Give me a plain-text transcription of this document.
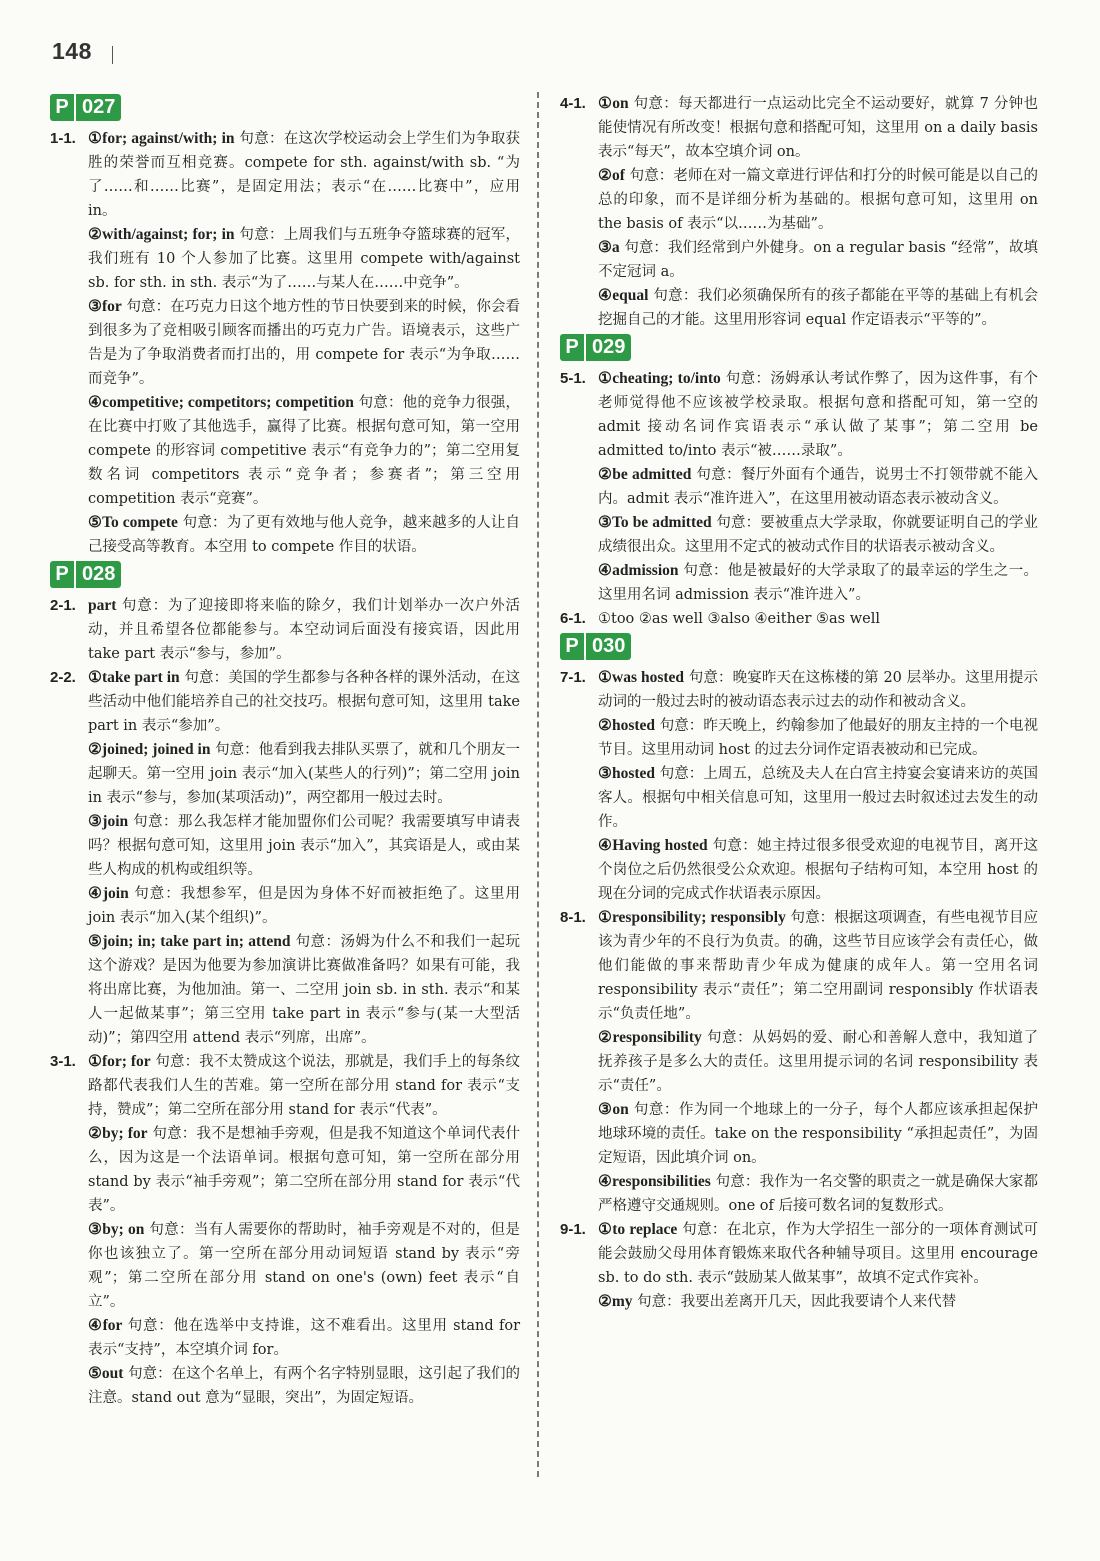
148
P 027
1-1. ①for; against/with; in 句意：在这次学校运动会上学生们为争取获胜的荣誉而互相竞赛。compete for sth. against/with sb. “为了……和……比赛”，是固定用法；表示“在……比赛中”，应用 in。

②with/against; for; in 句意：上周我们与五班争夺篮球赛的冠军，我们班有 10 个人参加了比赛。这里用 compete with/against sb. for sth. in sth. 表示“为了……与某人在……中竞争”。

③for 句意：在巧克力日这个地方性的节日快要到来的时候，你会看到很多为了竞相吸引顾客而播出的巧克力广告。语境表示，这些广告是为了争取消费者而打出的，用 compete for 表示“为争取……而竞争”。

④competitive; competitors; competition 句意：他的竞争力很强，在比赛中打败了其他选手，赢得了比赛。根据句意可知，第一空用 compete 的形容词 competitive 表示“有竞争力的”；第二空用复数名词 competitors 表示“竞争者；参赛者”；第三空用 competition 表示“竞赛”。

⑤To compete 句意：为了更有效地与他人竞争，越来越多的人让自己接受高等教育。本空用 to compete 作目的状语。

P 028
2-1. part 句意：为了迎接即将来临的除夕，我们计划举办一次户外活动，并且希望各位都能参与。本空动词后面没有接宾语，因此用 take part 表示“参与，参加”。

2-2. ①take part in 句意：美国的学生都参与各种各样的课外活动，在这些活动中他们能培养自己的社交技巧。根据句意可知，这里用 take part in 表示“参加”。

②joined; joined in 句意：他看到我去排队买票了，就和几个朋友一起聊天。第一空用 join 表示“加入(某些人的行列)”；第二空用 join in 表示“参与，参加(某项活动)”，两空都用一般过去时。

③join 句意：那么我怎样才能加盟你们公司呢？我需要填写申请表吗？根据句意可知，这里用 join 表示“加入”，其宾语是人，或由某些人构成的机构或组织等。

④join 句意：我想参军，但是因为身体不好而被拒绝了。这里用 join 表示“加入(某个组织)”。

⑤join; in; take part in; attend 句意：汤姆为什么不和我们一起玩这个游戏？是因为他要为参加演讲比赛做准备吗？如果有可能，我将出席比赛，为他加油。第一、二空用 join sb. in sth. 表示“和某人一起做某事”；第三空用 take part in 表示“参与(某一大型活动)”；第四空用 attend 表示“列席，出席”。

3-1. ①for; for 句意：我不太赞成这个说法，那就是，我们手上的每条纹路都代表我们人生的苦难。第一空所在部分用 stand for 表示“支持，赞成”；第二空所在部分用 stand for 表示“代表”。

②by; for 句意：我不是想袖手旁观，但是我不知道这个单词代表什么，因为这是一个法语单词。根据句意可知，第一空所在部分用 stand by 表示“袖手旁观”；第二空所在部分用 stand for 表示“代表”。

③by; on 句意：当有人需要你的帮助时，袖手旁观是不对的，但是你也该独立了。第一空所在部分用动词短语 stand by 表示“旁观”；第二空所在部分用 stand on one's (own) feet 表示“自立”。

④for 句意：他在选举中支持谁，这不难看出。这里用 stand for 表示“支持”，本空填介词 for。

⑤out 句意：在这个名单上，有两个名字特别显眼，这引起了我们的注意。stand out 意为“显眼，突出”，为固定短语。

4-1. ①on 句意：每天都进行一点运动比完全不运动要好，就算 7 分钟也能使情况有所改变！根据句意和搭配可知，这里用 on a daily basis 表示“每天”，故本空填介词 on。

②of 句意：老师在对一篇文章进行评估和打分的时候可能是以自己的总的印象，而不是详细分析为基础的。根据句意可知，这里用 on the basis of 表示“以……为基础”。

③a 句意：我们经常到户外健身。on a regular basis “经常”，故填不定冠词 a。

④equal 句意：我们必须确保所有的孩子都能在平等的基础上有机会挖掘自己的才能。这里用形容词 equal 作定语表示“平等的”。

P 029
5-1. ①cheating; to/into 句意：汤姆承认考试作弊了，因为这件事，有个老师觉得他不应该被学校录取。根据句意和搭配可知，第一空的 admit 接动名词作宾语表示“承认做了某事”；第二空用 be admitted to/into 表示“被……录取”。

②be admitted 句意：餐厅外面有个通告，说男士不打领带就不能入内。admit 表示“准许进入”，在这里用被动语态表示被动含义。

③To be admitted 句意：要被重点大学录取，你就要证明自己的学业成绩很出众。这里用不定式的被动式作目的状语表示被动含义。

④admission 句意：他是被最好的大学录取了的最幸运的学生之一。这里用名词 admission 表示“准许进入”。

6-1. ①too ②as well ③also ④either ⑤as well

P 030
7-1. ①was hosted 句意：晚宴昨天在这栋楼的第 20 层举办。这里用提示动词的一般过去时的被动语态表示过去的动作和被动含义。

②hosted 句意：昨天晚上，约翰参加了他最好的朋友主持的一个电视节目。这里用动词 host 的过去分词作定语表被动和已完成。

③hosted 句意：上周五，总统及夫人在白宫主持宴会宴请来访的英国客人。根据句中相关信息可知，这里用一般过去时叙述过去发生的动作。

④Having hosted 句意：她主持过很多很受欢迎的电视节目，离开这个岗位之后仍然很受公众欢迎。根据句子结构可知，本空用 host 的现在分词的完成式作状语表示原因。

8-1. ①responsibility; responsibly 句意：根据这项调查，有些电视节目应该为青少年的不良行为负责。的确，这些节目应该学会有责任心，做他们能做的事来帮助青少年成为健康的成年人。第一空用名词 responsibility 表示“责任”；第二空用副词 responsibly 作状语表示“负责任地”。

②responsibility 句意：从妈妈的爱、耐心和善解人意中，我知道了抚养孩子是多么大的责任。这里用提示词的名词 responsibility 表示“责任”。

③on 句意：作为同一个地球上的一分子，每个人都应该承担起保护地球环境的责任。take on the responsibility “承担起责任”，为固定短语，因此填介词 on。

④responsibilities 句意：我作为一名交警的职责之一就是确保大家都严格遵守交通规则。one of 后接可数名词的复数形式。

9-1. ①to replace 句意：在北京，作为大学招生一部分的一项体育测试可能会鼓励父母用体育锻炼来取代各种辅导项目。这里用 encourage sb. to do sth. 表示“鼓励某人做某事”，故填不定式作宾补。

②my 句意：我要出差离开几天，因此我要请个人来代替
